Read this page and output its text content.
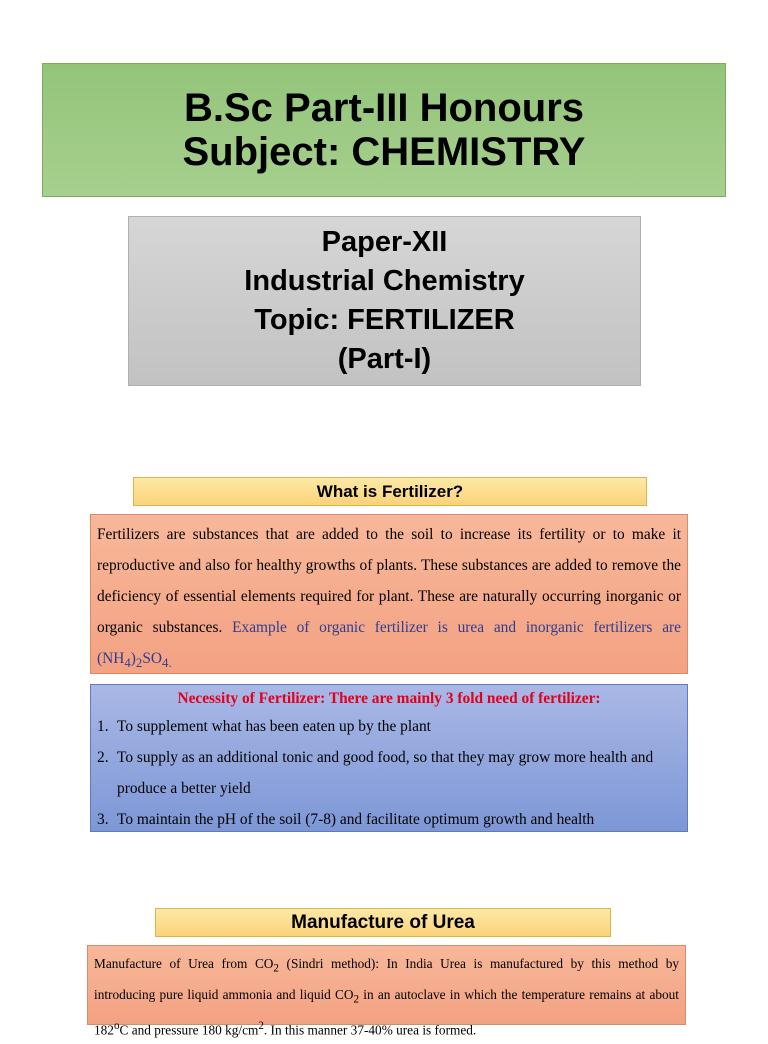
B.Sc Part-III Honours
Subject: CHEMISTRY
Paper-XII
Industrial Chemistry
Topic: FERTILIZER
(Part-I)
What is Fertilizer?
Fertilizers are substances that are added to the soil to increase its fertility or to make it reproductive and also for healthy growths of plants. These substances are added to remove the deficiency of essential elements required for plant. These are naturally occurring inorganic or organic substances. Example of organic fertilizer is urea and inorganic fertilizers are $(NH_4)_2SO_{4.}$
Necessity of Fertilizer: There are mainly 3 fold need of fertilizer:
1. To supplement what has been eaten up by the plant
2. To supply as an additional tonic and good food, so that they may grow more health and produce a better yield
3. To maintain the pH of the soil (7-8) and facilitate optimum growth and health
Manufacture of Urea
Manufacture of Urea from $CO_2$ (Sindri method): In India Urea is manufactured by this method by introducing pure liquid ammonia and liquid $CO_2$ in an autoclave in which the temperature remains at about 182$^o$C and pressure 180 $kg/cm^2$. In this manner 37-40% urea is formed.
